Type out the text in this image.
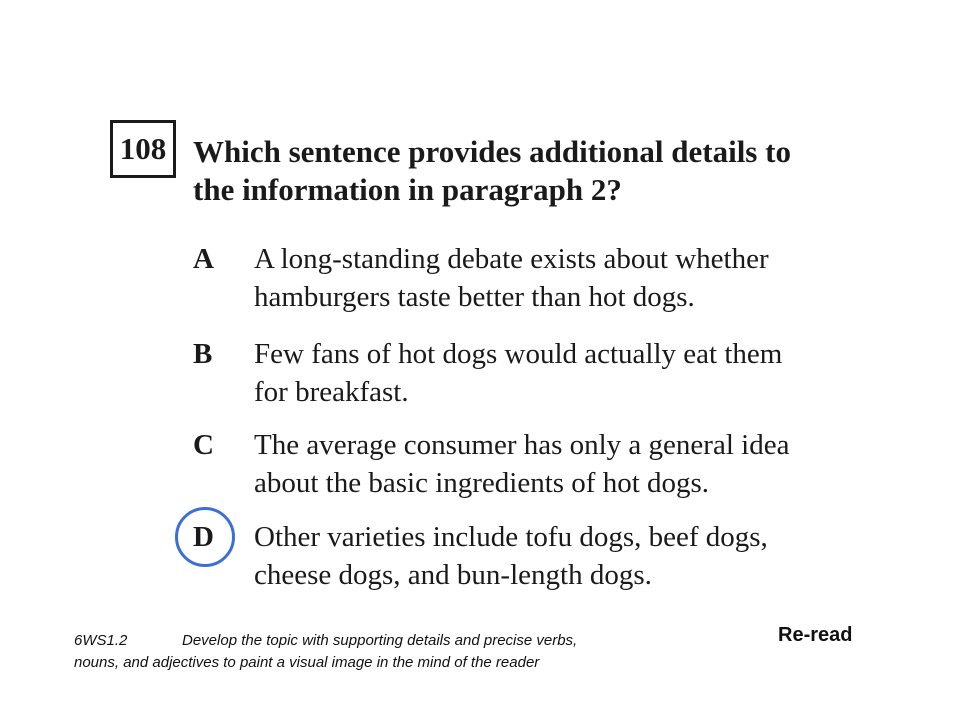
108 Which sentence provides additional details to
the information in paragraph 2?
A A long-standing debate exists about whether
hamburgers taste better than hot dogs.
B Few fans of hot dogs would actually eat them
for breakfast.
C The average consumer has only a general idea
about the basic ingredients of hot dogs.
D Other varieties include tofu dogs, beef dogs,
cheese dogs, and bun-length dogs.
6WS1.2	Develop the topic with supporting details and precise verbs,
nouns, and adjectives to paint a visual image in the mind of the reader
Re-read
